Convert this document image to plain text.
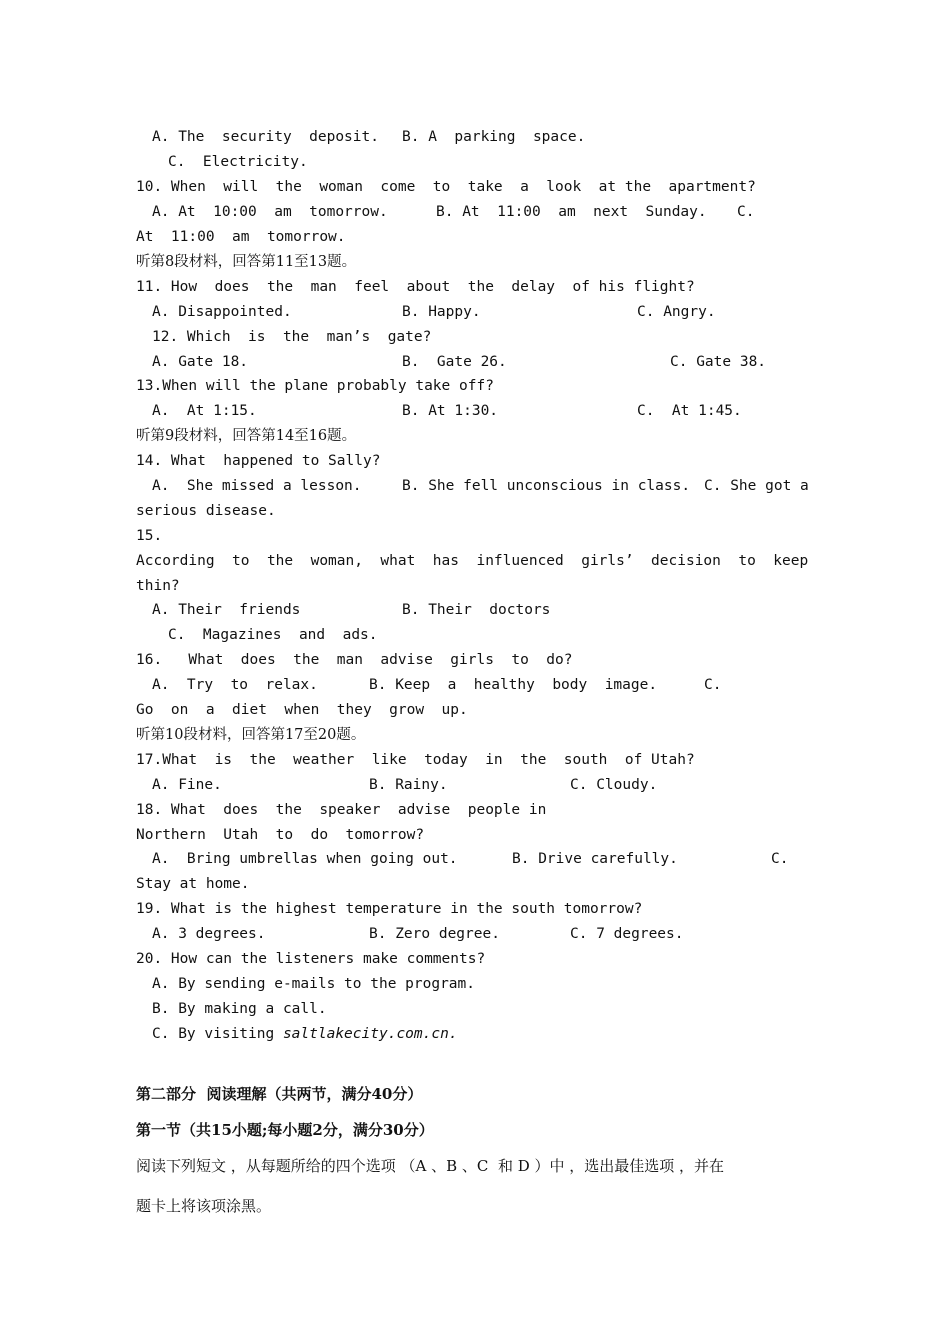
A. The  security  deposit. B. A  parking  space.
C.  Electricity.
10. When  will  the  woman  come  to  take  a  look  at the  apartment?
A. At  10:00  am  tomorrow.	B. At  11:00  am  next  Sunday. C.
At  11:00  am  tomorrow.
听第8段材料，回答第11至13题。
11. How  does  the  man  feel  about  the  delay  of his flight?
A. Disappointed.	B. Happy.	C. Angry.
12. Which  is  the  man’s  gate?
A. Gate 18.	B.  Gate 26.	C. Gate 38.
13.When will the plane probably take off?
A.  At 1:15.	B. At 1:30.	C.  At 1:45.
听第9段材料，回答第14至16题。
14. What  happened to Sally?
A.  She missed a lesson.	B. She fell unconscious in class. C. She got a
serious disease.
15.
According  to  the  woman,  what  has  influenced  girls’  decision  to  keep
thin?
A. Their  friends	B. Their  doctors
C.  Magazines  and  ads.
16.   What  does  the  man  advise  girls  to  do?
A.  Try  to  relax.	B. Keep  a  healthy  body  image.	C.
Go  on  a  diet  when  they  grow  up.
听第10段材料，回答第17至20题。
17.What  is  the  weather  like  today  in  the  south  of Utah?
A. Fine.	B. Rainy.	C. Cloudy.
18. What  does  the  speaker  advise  people in
Northern  Utah  to  do  tomorrow?
A.  Bring umbrellas when going out.	B. Drive carefully.	C.
Stay at home.
19. What is the highest temperature in the south tomorrow?
A. 3 degrees.	B. Zero degree.	C. 7 degrees.
20. How can the listeners make comments?
A. By sending e-mails to the program.
B. By making a call.
C. By visiting saltlakecity.com.cn.
第二部分  阅读理解（共两节，满分40分）
第一节（共15小题;每小题2分，满分30分）
阅读下列短文 ，从每题所给的四个选项 （A 、B 、C  和 D ）中 ，选出最佳选项 ，并在
题卡上将该项涂黑。
